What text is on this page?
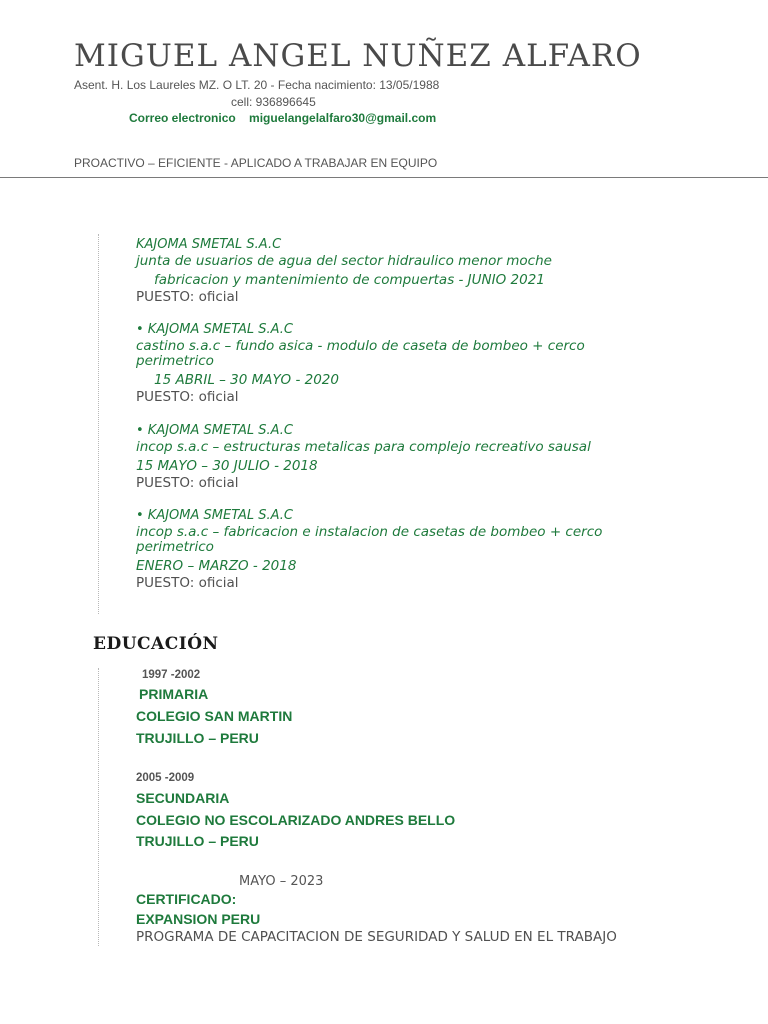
MIGUEL ANGEL NUÑEZ ALFARO
Asent. H. Los Laureles MZ. O LT. 20 - Fecha nacimiento: 13/05/1988
cell: 936896645
Correo electronico miguelangelalfaro30@gmail.com
PROACTIVO – EFICIENTE - APLICADO A TRABAJAR EN EQUIPO
KAJOMA SMETAL S.A.C
junta de usuarios de agua del sector hidraulico menor moche
fabricacion y mantenimiento de compuertas - JUNIO 2021
PUESTO: oficial
• KAJOMA SMETAL S.A.C
castino s.a.c – fundo asica - modulo de caseta de bombeo + cerco perimetrico
15 ABRIL – 30 MAYO - 2020
PUESTO: oficial
• KAJOMA SMETAL S.A.C
incop s.a.c – estructuras metalicas para complejo recreativo sausal
15 MAYO – 30 JULIO - 2018
PUESTO: oficial
• KAJOMA SMETAL S.A.C
incop s.a.c – fabricacion e instalacion de casetas de bombeo + cerco perimetrico
ENERO – MARZO - 2018
PUESTO: oficial
EDUCACIÓN
1997 -2002
PRIMARIA
COLEGIO SAN MARTIN
TRUJILLO – PERU
2005 -2009
SECUNDARIA
COLEGIO NO ESCOLARIZADO ANDRES BELLO
TRUJILLO – PERU
MAYO – 2023
CERTIFICADO:
EXPANSION PERU
PROGRAMA DE CAPACITACION DE SEGURIDAD Y SALUD EN EL TRABAJO
